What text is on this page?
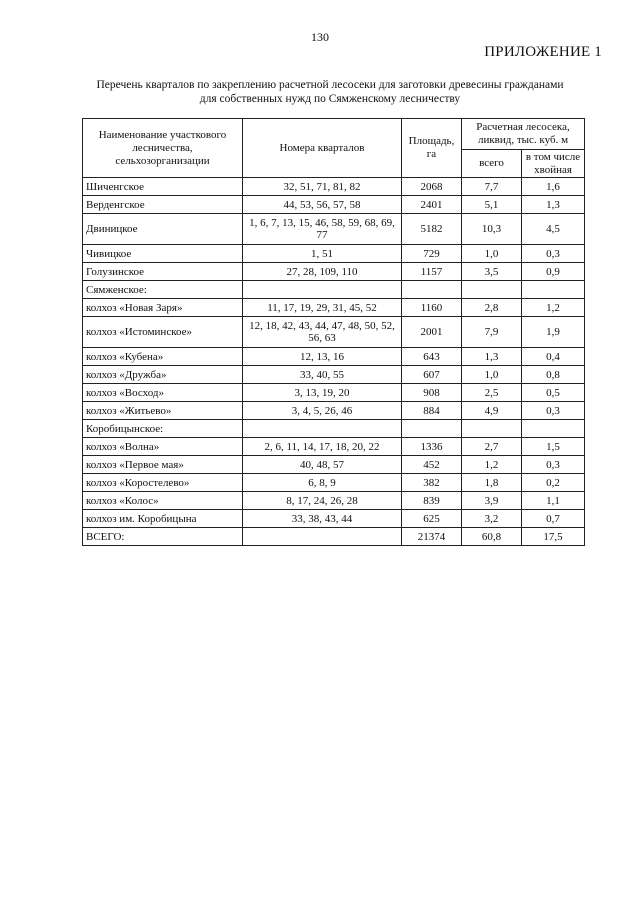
130
ПРИЛОЖЕНИЕ 1
Перечень кварталов по закреплению расчетной лесосеки для заготовки древесины гражданами
для собственных нужд по Сямженскому лесничеству
Наименование участкового лесничества, сельхозорганизации	Номера кварталов	Площадь, га	Расчетная лесосека, ликвид, тыс. куб. м	
			всего	в том числе хвойная
Шиченгское	32, 51, 71, 81, 82	2068	7,7	1,6
Верденгское	44, 53, 56, 57, 58	2401	5,1	1,3
Двиницкое	1, 6, 7, 13, 15, 46, 58, 59, 68, 69, 77	5182	10,3	4,5
Чивицкое	1, 51	729	1,0	0,3
Голузинское	27, 28, 109, 110	1157	3,5	0,9
Сямженское:				
колхоз «Новая Заря»	11, 17, 19, 29, 31, 45, 52	1160	2,8	1,2
колхоз «Истоминское»	12, 18, 42, 43, 44, 47, 48, 50, 52, 56, 63	2001	7,9	1,9
колхоз «Кубена»	12, 13, 16	643	1,3	0,4
колхоз «Дружба»	33, 40, 55	607	1,0	0,8
колхоз «Восход»	3, 13, 19, 20	908	2,5	0,5
колхоз «Житьево»	3, 4, 5, 26, 46	884	4,9	0,3
Коробицынское:				
колхоз «Волна»	2, 6, 11, 14, 17, 18, 20, 22	1336	2,7	1,5
колхоз «Первое мая»	40, 48, 57	452	1,2	0,3
колхоз «Коростелево»	6, 8, 9	382	1,8	0,2
колхоз «Колос»	8, 17, 24, 26, 28	839	3,9	1,1
колхоз им. Коробицына	33, 38, 43, 44	625	3,2	0,7
ВСЕГО:		21374	60,8	17,5
